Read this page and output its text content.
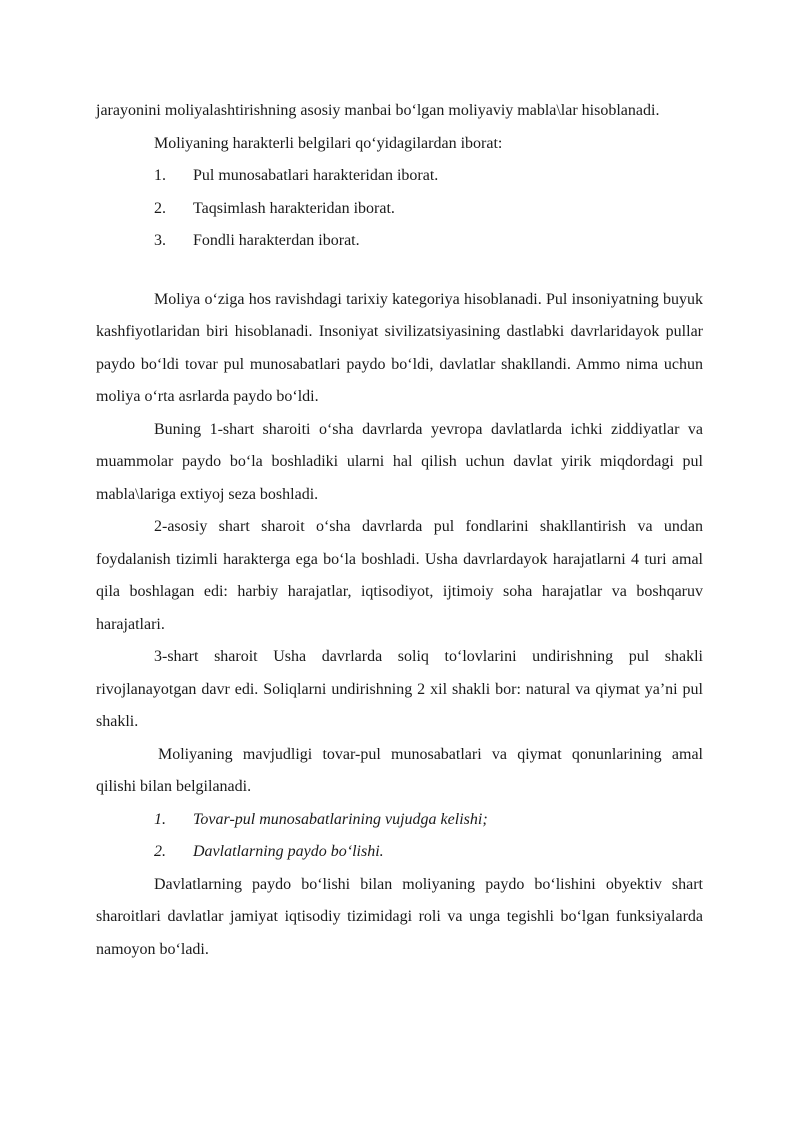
jarayonini moliyalashtirishning asosiy manbai boʻlgan moliyaviy mabla\lar hisoblanadi.

Moliyaning harakterli belgilari qoʻyidagilardan iborat:

1. Pul munosabatlari harakteridan iborat.
2. Taqsimlash harakteridan iborat.
3. Fondli harakterdan iborat.

Moliya oʻziga hos ravishdagi tarixiy kategoriya hisoblanadi. Pul insoniyatning buyuk kashfiyotlaridan biri hisoblanadi. Insoniyat sivilizatsiyasining dastlabki davrlaridayok pullar paydo boʻldi tovar pul munosabatlari paydo boʻldi, davlatlar shakllandi. Ammo nima uchun moliya oʻrta asrlarda paydo boʻldi.

Buning 1-shart sharoiti oʻsha davrlarda yevropa davlatlarda ichki ziddiyatlar va muammolar paydo boʻla boshladiki ularni hal qilish uchun davlat yirik miqdordagi pul mabla\lariga extiyoj seza boshladi.

2-asosiy shart sharoit oʻsha davrlarda pul fondlarini shakllantirish va undan foydalanish tizimli harakterga ega boʻla boshladi. Usha davrlardayok harajatlarni 4 turi amal qila boshlagan edi: harbiy harajatlar, iqtisodiyot, ijtimoiy soha harajatlar va boshqaruv harajatlari.

3-shart sharoit Usha davrlarda soliq toʻlovlarini undirishning pul shakli rivojlanayotgan davr edi. Soliqlarni undirishning 2 xil shakli bor: natural va qiymat ya’ni pul shakli.

Moliyaning mavjudligi tovar-pul munosabatlari va qiymat qonunlarining amal qilishi bilan belgilanadi.

1. Tovar-pul munosabatlarining vujudga kelishi;
2. Davlatlarning paydo boʻlishi.

Davlatlarning paydo boʻlishi bilan moliyaning paydo boʻlishini obyektiv shart sharoitlari davlatlar jamiyat iqtisodiy tizimidagi roli va unga tegishli boʻlgan funksiyalarda namoyon boʻladi.
